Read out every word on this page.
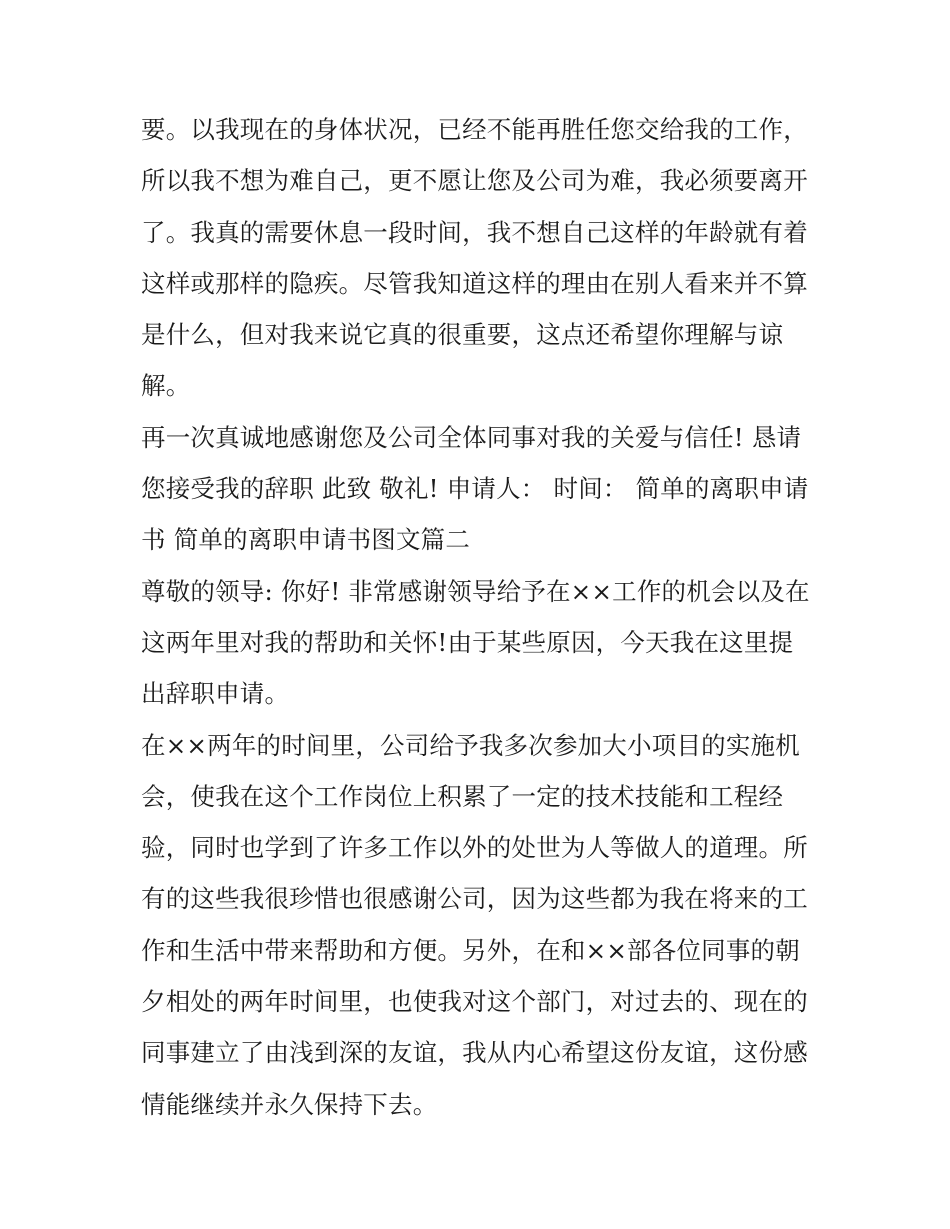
要。以我现在的身体状况，已经不能再胜任您交给我的工作，
所以我不想为难自己，更不愿让您及公司为难，我必须要离开
了。我真的需要休息一段时间，我不想自己这样的年龄就有着
这样或那样的隐疾。尽管我知道这样的理由在别人看来并不算
是什么，但对我来说它真的很重要，这点还希望你理解与谅
解。
再一次真诚地感谢您及公司全体同事对我的关爱与信任! 恳请
您接受我的辞职 此致 敬礼! 申请人： 时间： 简单的离职申请
书 简单的离职申请书图文篇二
尊敬的领导: 你好! 非常感谢领导给予在××工作的机会以及在
这两年里对我的帮助和关怀!由于某些原因，今天我在这里提
出辞职申请。
在××两年的时间里，公司给予我多次参加大小项目的实施机
会，使我在这个工作岗位上积累了一定的技术技能和工程经
验，同时也学到了许多工作以外的处世为人等做人的道理。所
有的这些我很珍惜也很感谢公司，因为这些都为我在将来的工
作和生活中带来帮助和方便。另外，在和××部各位同事的朝
夕相处的两年时间里，也使我对这个部门，对过去的、现在的
同事建立了由浅到深的友谊，我从内心希望这份友谊，这份感
情能继续并永久保持下去。
